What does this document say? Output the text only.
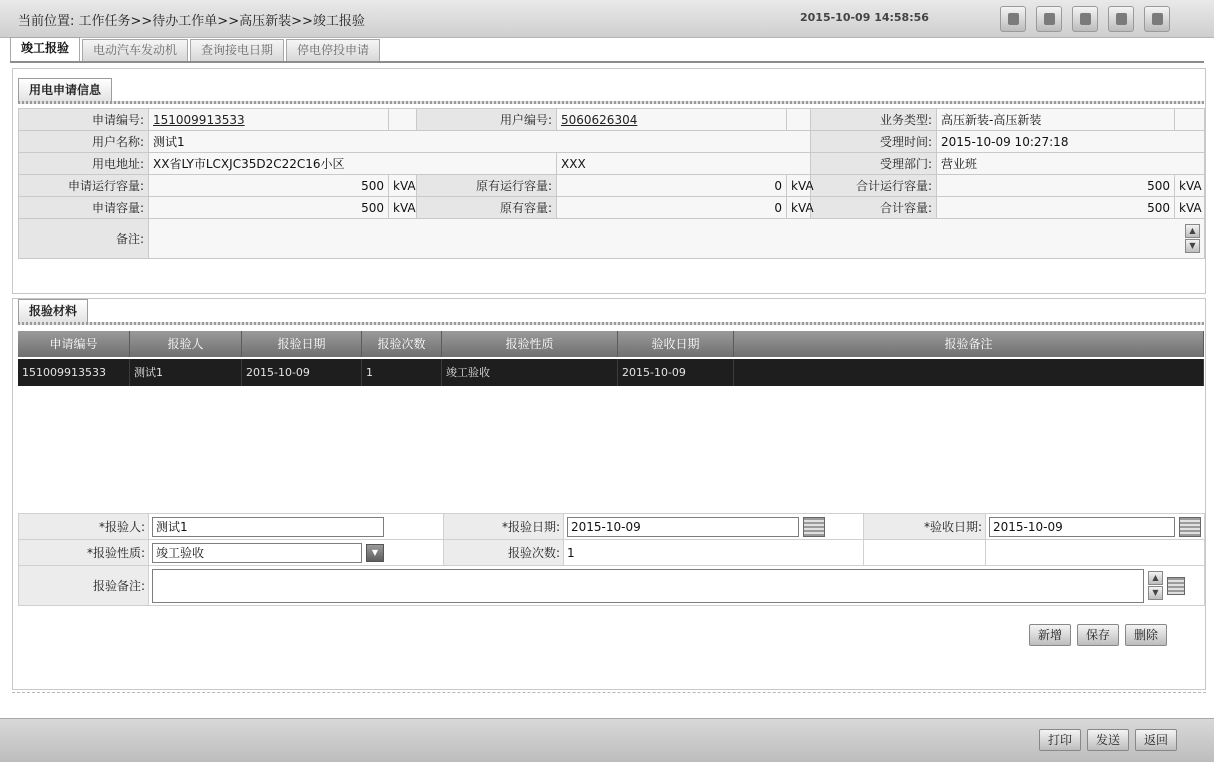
当前位置: 工作任务>>待办工作单>>高压新装>>竣工报验	2015-10-09 14:58:56
竣工报验	电动汽车发动机	查询接电日期	停电停投申请
用电申请信息
申请编号:	151009913533		用户编号:	5060626304		业务类型:	高压新装-高压新装	
用户名称:	测试1					受理时间:	2015-10-09 10:27:18	
用电地址:	XX省LY市LCXJC35D2C22C16小区			XXX		受理部门:	营业班	
申请运行容量:	500	kVA	原有运行容量:	0	kVA	合计运行容量:	500	kVA
申请容量:	500	kVA	原有容量:	0	kVA	合计容量:	500	kVA
备注:	▲
▼							
报验材料
申请编号	报验人	报验日期	报验次数	报验性质	验收日期	报验备注
151009913533	测试1	2015-10-09	1	竣工验收	2015-10-09
*报验人:	测试1	*报验日期:	2015-10-09	*验收日期:	2015-10-09

*报验性质:	竣工验收 ▼	报验次数:	1		
报验备注:	▲
▼				
新增	保存	删除
打印	发送	返回
